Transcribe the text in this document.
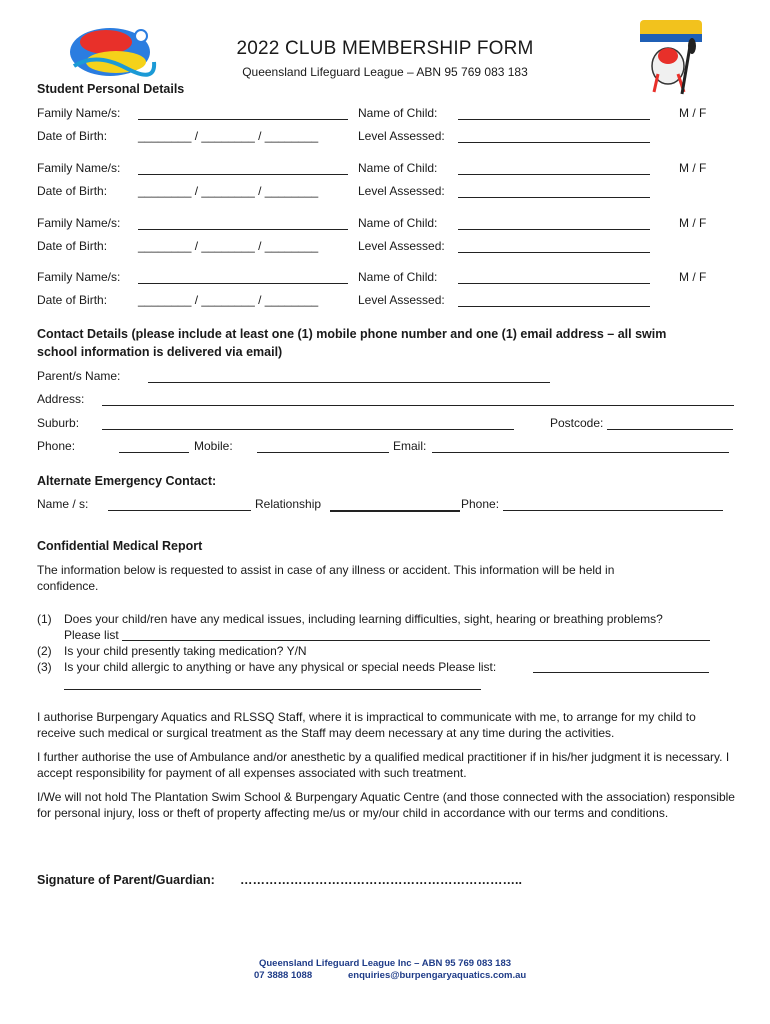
2022 CLUB MEMBERSHIP FORM
Queensland Lifeguard League – ABN 95 769 083 183
Student Personal Details
Family Name/s:	Name of Child:	M / F
Date of Birth:	________ / ________ / ________	Level Assessed:
Family Name/s:	Name of Child:	M / F
Date of Birth:	________ / ________ / ________	Level Assessed:
Family Name/s:	Name of Child:	M / F
Date of Birth:	________ / ________ / ________	Level Assessed:
Family Name/s:	Name of Child:	M / F
Date of Birth:	________ / ________ / ________	Level Assessed:
Contact Details (please include at least one (1) mobile phone number and one (1) email address – all swim
school information is delivered via email)
Parent/s Name:
Address:
Suburb:	Postcode:
Phone:	Mobile:	Email:
Alternate Emergency Contact:
Name / s:	Relationship	Phone:
Confidential Medical Report
The information below is requested to assist in case of any illness or accident. This information will be held in confidence.
(1) Does your child/ren have any medical issues, including learning difficulties, sight, hearing or breathing problems?
Please list
(2) Is your child presently taking medication? Y/N
(3) Is your child allergic to anything or have any physical or special needs Please list:
I authorise Burpengary Aquatics and RLSSQ Staff, where it is impractical to communicate with me, to arrange for my child to receive such medical or surgical treatment as the Staff may deem necessary at any time during the activities.
I further authorise the use of Ambulance and/or anesthetic by a qualified medical practitioner if in his/her judgment it is necessary. I accept responsibility for payment of all expenses associated with such treatment.
I/We will not hold The Plantation Swim School & Burpengary Aquatic Centre (and those connected with the association) responsible for personal injury, loss or theft of property affecting me/us or my/our child in accordance with our terms and conditions.
Signature of Parent/Guardian: …………………………………………………………..
Queensland Lifeguard League Inc – ABN 95 769 083 183
07 3888 1088	enquiries@burpengaryaquatics.com.au
